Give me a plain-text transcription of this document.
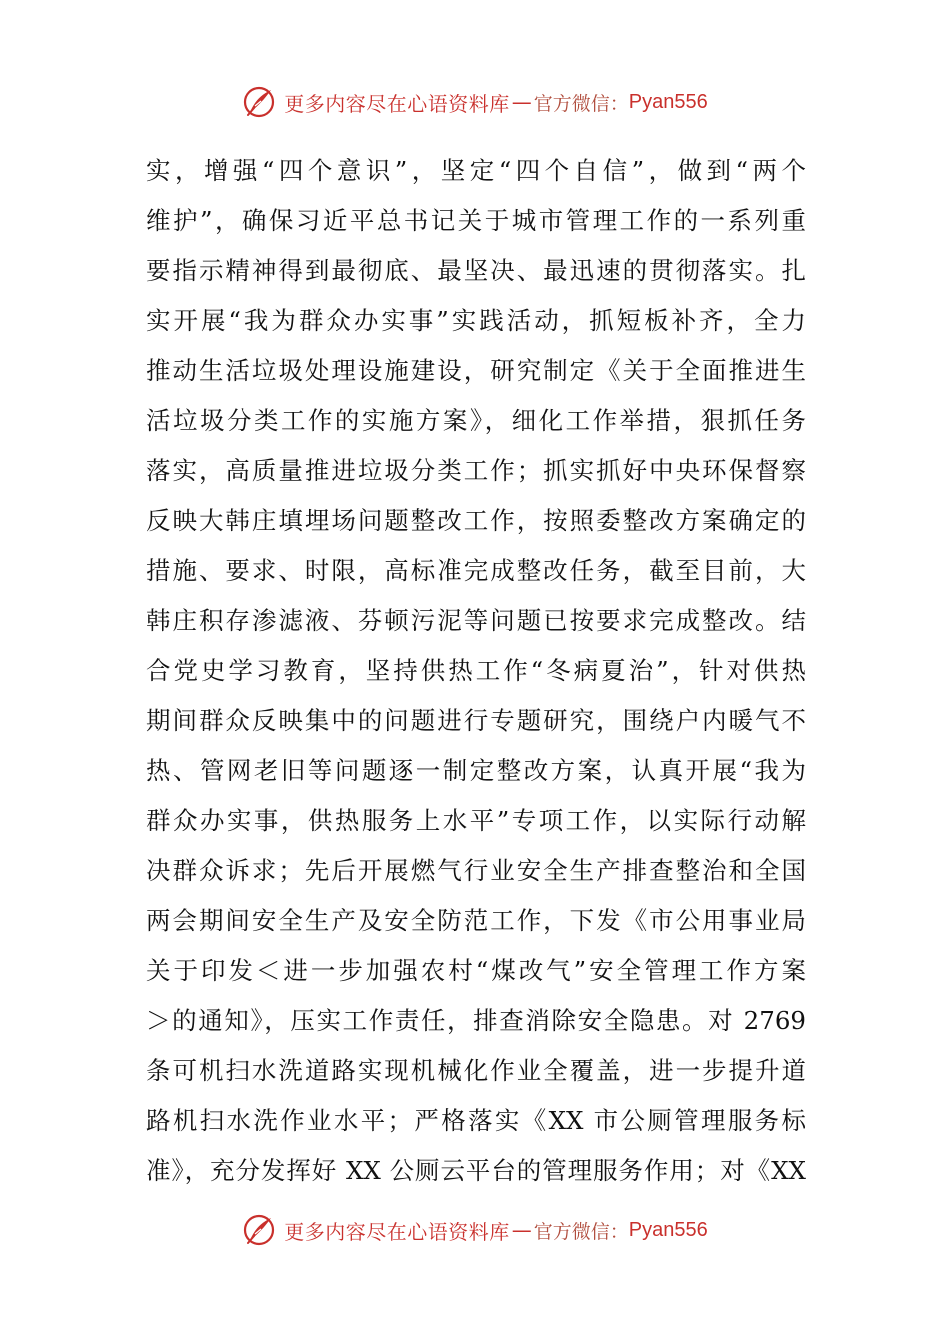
更多内容尽在心语资料库 — 官方微信： Pyan556
实，增强“四个意识”，坚定“四个自信”，做到“两个
维护”，确保习近平总书记关于城市管理工作的一系列重
要指示精神得到最彻底、最坚决、最迅速的贯彻落实。扎
实开展“我为群众办实事”实践活动，抓短板补齐，全力
推动生活垃圾处理设施建设，研究制定《关于全面推进生
活垃圾分类工作的实施方案》，细化工作举措，狠抓任务
落实，高质量推进垃圾分类工作；抓实抓好中央环保督察
反映大韩庄填埋场问题整改工作，按照委整改方案确定的
措施、要求、时限，高标准完成整改任务，截至目前，大
韩庄积存渗滤液、芬顿污泥等问题已按要求完成整改。结
合党史学习教育，坚持供热工作“冬病夏治”，针对供热
期间群众反映集中的问题进行专题研究，围绕户内暖气不
热、管网老旧等问题逐一制定整改方案，认真开展“我为
群众办实事，供热服务上水平”专项工作，以实际行动解
决群众诉求；先后开展燃气行业安全生产排查整治和全国
两会期间安全生产及安全防范工作，下发《市公用事业局
关于印发＜进一步加强农村“煤改气”安全管理工作方案
＞的通知》，压实工作责任，排查消除安全隐患。对 2769
条可机扫水洗道路实现机械化作业全覆盖，进一步提升道
路机扫水洗作业水平；严格落实《XX 市公厕管理服务标
准》，充分发挥好 XX 公厕云平台的管理服务作用；对《XX
更多内容尽在心语资料库 — 官方微信： Pyan556
